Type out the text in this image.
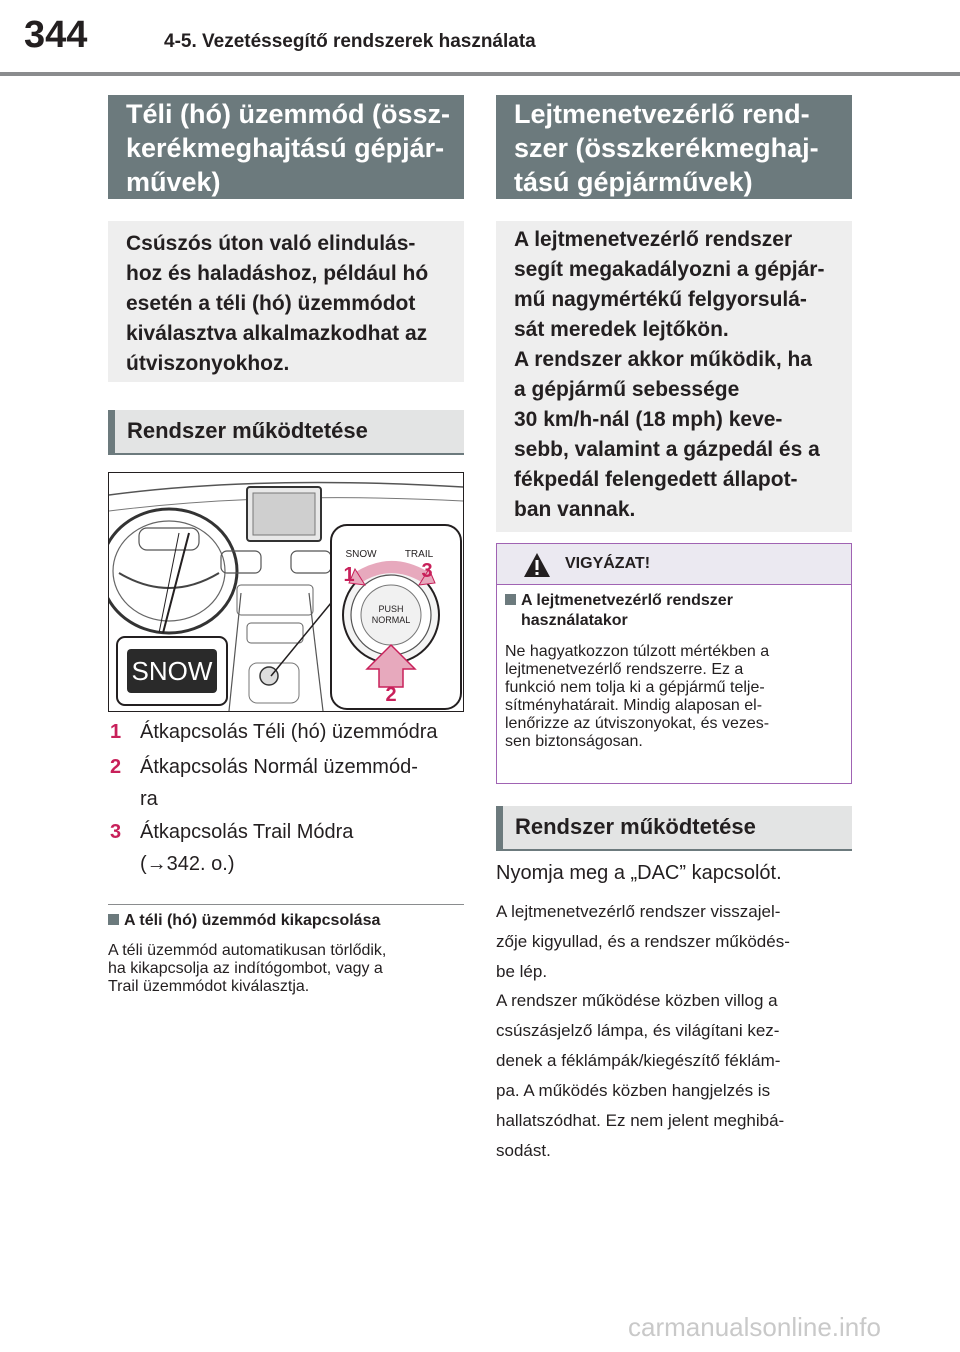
344	4-5. Vezetéssegítő rendszerek használata
Téli (hó) üzemmód (össz-
kerékmeghajtású gépjár-
művek)
Csúszós úton való elindulás-
hoz és haladáshoz, például hó
esetén a téli (hó) üzemmódot
kiválasztva alkalmazkodhat az
útviszonyokhoz.
Rendszer működtetése
SNOW
SNOW	TRAIL
PUSH
NORMAL
1	3
2
1 Átkapcsolás Téli (hó) üzemmódra
2 Átkapcsolás Normál üzemmód-
ra
3 Átkapcsolás Trail Módra
(→342. o.)
A téli (hó) üzemmód kikapcsolása
A téli üzemmód automatikusan törlődik,
ha kikapcsolja az indítógombot, vagy a
Trail üzemmódot kiválasztja.
Lejtmenetvezérlő rend-
szer (összkerékmeghaj-
tású gépjárművek)
A lejtmenetvezérlő rendszer
segít megakadályozni a gépjár-
mű nagymértékű felgyorsulá-
sát meredek lejtőkön.
A rendszer akkor működik, ha
a gépjármű sebessége
30 km/h-nál (18 mph) keve-
sebb, valamint a gázpedál és a
fékpedál felengedett állapot-
ban vannak.
VIGYÁZAT!
A lejtmenetvezérlő rendszer
használatakor
Ne hagyatkozzon túlzott mértékben a
lejtmenetvezérlő rendszerre. Ez a
funkció nem tolja ki a gépjármű telje-
sítményhatárait. Mindig alaposan el-
lenőrizze az útviszonyokat, és vezes-
sen biztonságosan.
Rendszer működtetése
Nyomja meg a „DAC” kapcsolót.
A lejtmenetvezérlő rendszer visszajel-
zője kigyullad, és a rendszer működés-
be lép.
A rendszer működése közben villog a
csúszásjelző lámpa, és világítani kez-
denek a féklámpák/kiegészítő féklám-
pa. A működés közben hangjelzés is
hallatszódhat. Ez nem jelent meghibá-
sodást.
carmanualsonline.info
